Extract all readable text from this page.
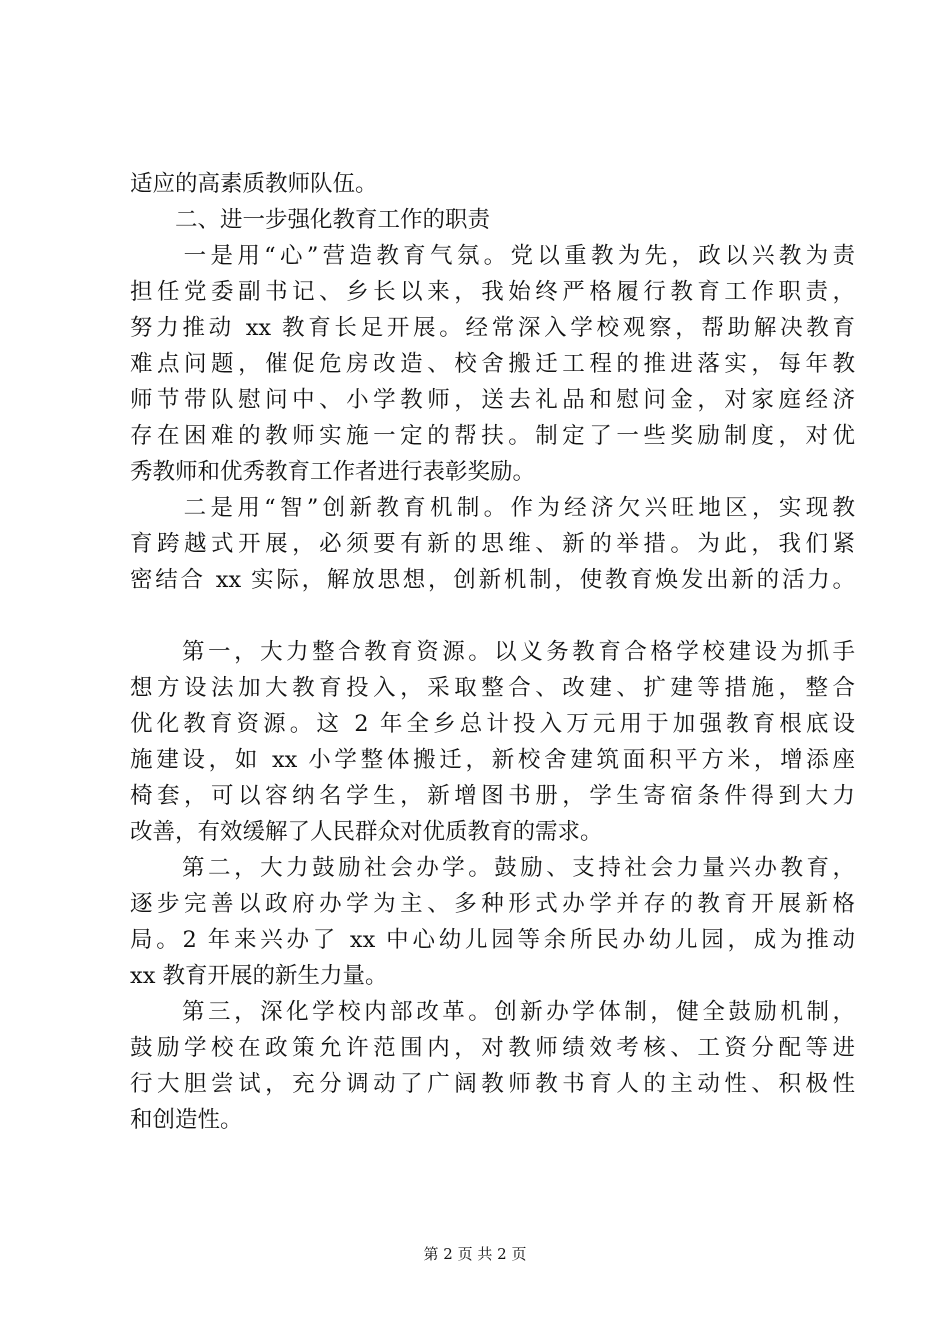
适应的高素质教师队伍。
　　二、进一步强化教育工作的职责
　　一是用“心”营造教育气氛。党以重教为先，政以兴教为责
担任党委副书记、乡长以来，我始终严格履行教育工作职责，
努力推动 xx 教育长足开展。经常深入学校观察，帮助解决教育
难点问题，催促危房改造、校舍搬迁工程的推进落实，每年教
师节带队慰问中、小学教师，送去礼品和慰问金，对家庭经济
存在困难的教师实施一定的帮扶。制定了一些奖励制度，对优
秀教师和优秀教育工作者进行表彰奖励。
　　二是用“智”创新教育机制。作为经济欠兴旺地区，实现教
育跨越式开展，必须要有新的思维、新的举措。为此，我们紧
密结合 xx 实际，解放思想，创新机制，使教育焕发出新的活力。
　　第一，大力整合教育资源。以义务教育合格学校建设为抓手
想方设法加大教育投入，采取整合、改建、扩建等措施，整合
优化教育资源。这 2 年全乡总计投入万元用于加强教育根底设
施建设，如 xx 小学整体搬迁，新校舍建筑面积平方米，增添座
椅套，可以容纳名学生，新增图书册，学生寄宿条件得到大力
改善，有效缓解了人民群众对优质教育的需求。
　　第二，大力鼓励社会办学。鼓励、支持社会力量兴办教育，
逐步完善以政府办学为主、多种形式办学并存的教育开展新格
局。2 年来兴办了 xx 中心幼儿园等余所民办幼儿园，成为推动
xx 教育开展的新生力量。
　　第三，深化学校内部改革。创新办学体制，健全鼓励机制，
鼓励学校在政策允许范围内，对教师绩效考核、工资分配等进
行大胆尝试，充分调动了广阔教师教书育人的主动性、积极性
和创造性。
第 2 页 共 2 页
